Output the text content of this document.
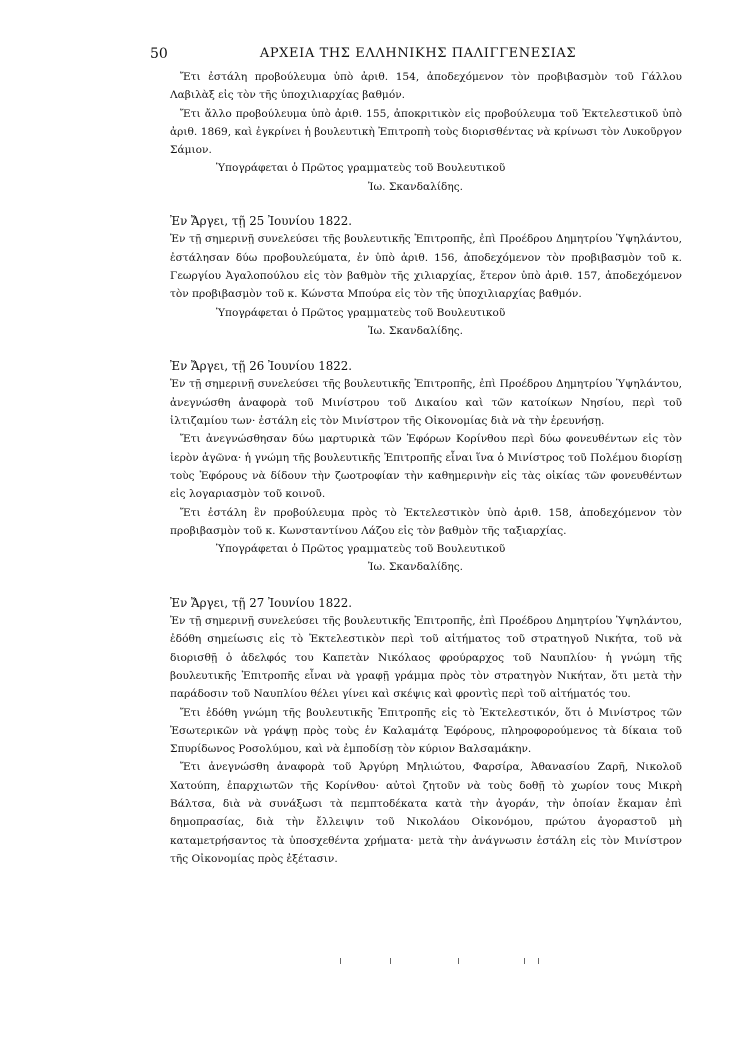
50	ΑΡΧΕΙΑ ΤΗΣ ΕΛΛΗΝΙΚΗΣ ΠΑΛΙΓΓΕΝΕΣΙΑΣ

Ἔτι ἐστάλη προβούλευμα ὑπὸ ἀριθ. 154, ἀποδεχόμενον τὸν προβιβασμὸν τοῦ Γάλλου Λαβιλὰξ εἰς τὸν τῆς ὑποχιλιαρχίας βαθμόν.

Ἔτι ἄλλο προβούλευμα ὑπὸ ἀριθ. 155, ἀποκριτικὸν εἰς προβούλευμα τοῦ Ἐκτελεστικοῦ ὑπὸ ἀριθ. 1869, καὶ ἐγκρίνει ἡ βουλευτικὴ Ἐπιτροπὴ τοὺς διορισθέντας νὰ κρίνωσι τὸν Λυκοῦργον Σάμιον.

Ὑπογράφεται ὁ Πρῶτος γραμματεὺς τοῦ Βουλευτικοῦ

Ἰω. Σκανδαλίδης.

Ἐν Ἄργει, τῇ 25 Ἰουνίου 1822.

Ἐν τῇ σημερινῇ συνελεύσει τῆς βουλευτικῆς Ἐπιτροπῆς, ἐπὶ Προέδρου Δημητρίου Ὑψηλάντου, ἐστάλησαν δύω προβουλεύματα, ἐν ὑπὸ ἀριθ. 156, ἀποδεχόμενον τὸν προβιβασμὸν τοῦ κ. Γεωργίου Ἀγαλοπούλου εἰς τὸν βαθμὸν τῆς χιλιαρχίας, ἕτερον ὑπὸ ἀριθ. 157, ἀποδεχόμενον τὸν προβιβασμὸν τοῦ κ. Κώνστα Μπούρα εἰς τὸν τῆς ὑποχιλιαρχίας βαθμόν.

Ὑπογράφεται ὁ Πρῶτος γραμματεὺς τοῦ Βουλευτικοῦ

Ἰω. Σκανδαλίδης.

Ἐν Ἄργει, τῇ 26 Ἰουνίου 1822.

Ἐν τῇ σημερινῇ συνελεύσει τῆς βουλευτικῆς Ἐπιτροπῆς, ἐπὶ Προέδρου Δημητρίου Ὑψηλάντου, ἀνεγνώσθη ἀναφορὰ τοῦ Μινίστρου τοῦ Δικαίου καὶ τῶν κατοίκων Νησίου, περὶ τοῦ ἰλτιζαμίου των· ἐστάλη εἰς τὸν Μινίστρον τῆς Οἰκονομίας διὰ νὰ τὴν ἐρευνήσῃ.

Ἔτι ἀνεγνώσθησαν δύω μαρτυρικὰ τῶν Ἐφόρων Κορίνθου περὶ δύω φονευθέντων εἰς τὸν ἱερὸν ἀγῶνα· ἡ γνώμη τῆς βουλευτικῆς Ἐπιτροπῆς εἶναι ἵνα ὁ Μινίστρος τοῦ Πολέμου διορίσῃ τοὺς Ἐφόρους νὰ δίδουν τὴν ζωοτροφίαν τὴν καθημερινὴν εἰς τὰς οἰκίας τῶν φονευθέντων εἰς λογαριασμὸν τοῦ κοινοῦ.

Ἔτι ἐστάλη ἓν προβούλευμα πρὸς τὸ Ἐκτελεστικὸν ὑπὸ ἀριθ. 158, ἀποδεχόμενον τὸν προβιβασμὸν τοῦ κ. Κωνσταντίνου Λάζου εἰς τὸν βαθμὸν τῆς ταξιαρχίας.

Ὑπογράφεται ὁ Πρῶτος γραμματεὺς τοῦ Βουλευτικοῦ

Ἰω. Σκανδαλίδης.

Ἐν Ἄργει, τῇ 27 Ἰουνίου 1822.

Ἐν τῇ σημερινῇ συνελεύσει τῆς βουλευτικῆς Ἐπιτροπῆς, ἐπὶ Προέδρου Δημητρίου Ὑψηλάντου, ἐδόθη σημείωσις εἰς τὸ Ἐκτελεστικὸν περὶ τοῦ αἰτήματος τοῦ στρατηγοῦ Νικήτα, τοῦ νὰ διορισθῇ ὁ ἀδελφός του Καπετὰν Νικόλαος φρούραρχος τοῦ Ναυπλίου· ἡ γνώμη τῆς βουλευτικῆς Ἐπιτροπῆς εἶναι νὰ γραφῇ γράμμα πρὸς τὸν στρατηγὸν Νικήταν, ὅτι μετὰ τὴν παράδοσιν τοῦ Ναυπλίου θέλει γίνει καὶ σκέψις καὶ φροντὶς περὶ τοῦ αἰτήματός του.

Ἔτι ἐδόθη γνώμη τῆς βουλευτικῆς Ἐπιτροπῆς εἰς τὸ Ἐκτελεστικόν, ὅτι ὁ Μινίστρος τῶν Ἐσωτερικῶν νὰ γράψῃ πρὸς τοὺς ἐν Καλαμάτᾳ Ἐφόρους, πληροφορούμενος τὰ δίκαια τοῦ Σπυρίδωνος Ροσολύμου, καὶ νὰ ἐμποδίσῃ τὸν κύριον Βαλσαμάκην.

Ἔτι ἀνεγνώσθη ἀναφορὰ τοῦ Ἀργύρη Μηλιώτου, Φαρσίρα, Ἀθανασίου Ζαρῆ, Νικολοῦ Χατούπη, ἐπαρχιωτῶν τῆς Κορίνθου· αὐτοὶ ζητοῦν νὰ τοὺς δοθῇ τὸ χωρίον τους Μικρὴ Βάλτσα, διὰ νὰ συνάξωσι τὰ πεμπτοδέκατα κατὰ τὴν ἀγοράν, τὴν ὁποίαν ἔκαμαν ἐπὶ δημοπρασίας, διὰ τὴν ἔλλειψιν τοῦ Νικολάου Οἰκονόμου, πρώτου ἀγοραστοῦ μὴ καταμετρήσαντος τὰ ὑποσχεθέντα χρήματα· μετὰ τὴν ἀνάγνωσιν ἐστάλη εἰς τὸν Μινίστρον τῆς Οἰκονομίας πρὸς ἐξέτασιν.
